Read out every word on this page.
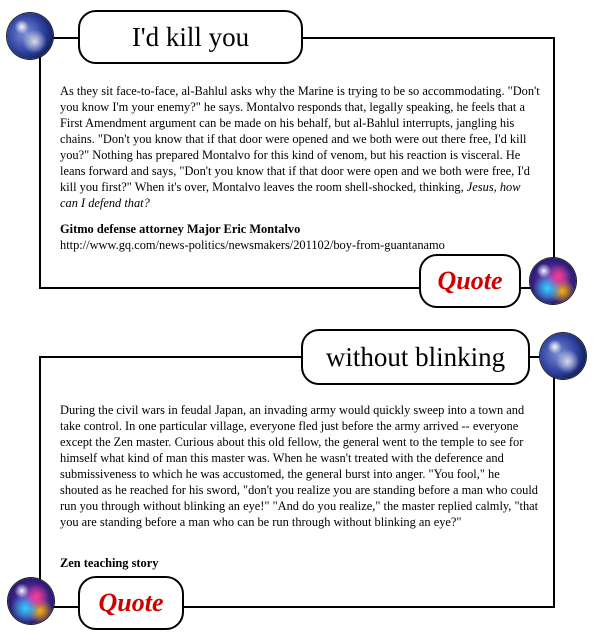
I'd kill you

As they sit face-to-face, al-Bahlul asks why the Marine is trying to be so accommodating. "Don't you know I'm your enemy?" he says. Montalvo responds that, legally speaking, he feels that a First Amendment argument can be made on his behalf, but al-Bahlul interrupts, jangling his chains. "Don't you know that if that door were opened and we both were out there free, I'd kill you?" Nothing has prepared Montalvo for this kind of venom, but his reaction is visceral. He leans forward and says, "Don't you know that if that door were open and we both were free, I'd kill you first?" When it's over, Montalvo leaves the room shell-shocked, thinking, Jesus, how can I defend that?

Gitmo defense attorney Major Eric Montalvo

http://www.gq.com/news-politics/newsmakers/201102/boy-from-guantanamo

Quote
without blinking

During the civil wars in feudal Japan, an invading army would quickly sweep into a town and take control. In one particular village, everyone fled just before the army arrived -- everyone except the Zen master. Curious about this old fellow, the general went to the temple to see for himself what kind of man this master was. When he wasn't treated with the deference and submissiveness to which he was accustomed, the general burst into anger. "You fool," he shouted as he reached for his sword, "don't you realize you are standing before a man who could run you through without blinking an eye!" "And do you realize," the master replied calmly, "that you are standing before a man who can be run through without blinking an eye?"

Zen teaching story

Quote
